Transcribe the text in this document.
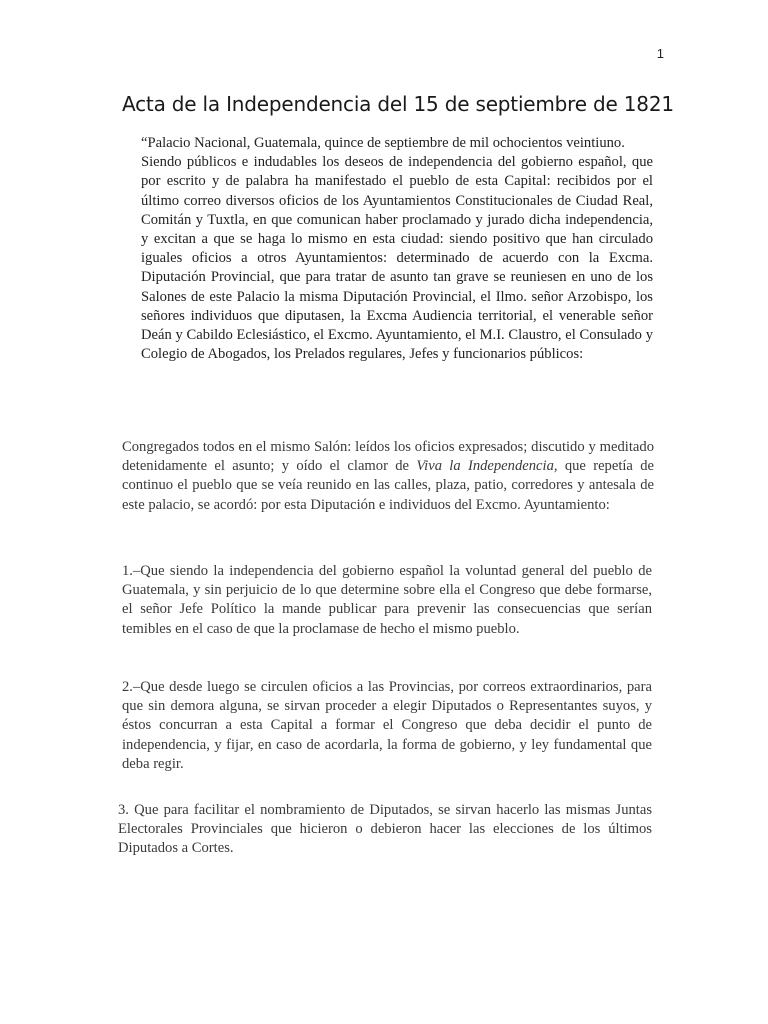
1
Acta de la Independencia del 15 de septiembre de 1821

“Palacio Nacional, Guatemala, quince de septiembre de mil ochocientos veintiuno.

Siendo públicos e indudables los deseos de independencia del gobierno español, que por escrito y de palabra ha manifestado el pueblo de esta Capital: recibidos por el último correo diversos oficios de los Ayuntamientos Constitucionales de Ciudad Real, Comitán y Tuxtla, en que comunican haber proclamado y jurado dicha independencia, y excitan a que se haga lo mismo en esta ciudad: siendo positivo que han circulado iguales oficios a otros Ayuntamientos: determinado de acuerdo con la Excma. Diputación Provincial, que para tratar de asunto tan grave se reuniesen en uno de los Salones de este Palacio la misma Diputación Provincial, el Ilmo. señor Arzobispo, los señores individuos que diputasen, la Excma Audiencia territorial, el venerable señor Deán y Cabildo Eclesiástico, el Excmo. Ayuntamiento, el M.I. Claustro, el Consulado y Colegio de Abogados, los Prelados regulares, Jefes y funcionarios públicos:

Congregados todos en el mismo Salón: leídos los oficios expresados; discutido y meditado detenidamente el asunto; y oído el clamor de Viva la Independencia, que repetía de continuo el pueblo que se veía reunido en las calles, plaza, patio, corredores y antesala de este palacio, se acordó: por esta Diputación e individuos del Excmo. Ayuntamiento:

1.–Que siendo la independencia del gobierno español la voluntad general del pueblo de Guatemala, y sin perjuicio de lo que determine sobre ella el Congreso que debe formarse, el señor Jefe Político la mande publicar para prevenir las consecuencias que serían temibles en el caso de que la proclamase de hecho el mismo pueblo.

2.–Que desde luego se circulen oficios a las Provincias, por correos extraordinarios, para que sin demora alguna, se sirvan proceder a elegir Diputados o Representantes suyos, y éstos concurran a esta Capital a formar el Congreso que deba decidir el punto de independencia, y fijar, en caso de acordarla, la forma de gobierno, y ley fundamental que deba regir.

3. Que para facilitar el nombramiento de Diputados, se sirvan hacerlo las mismas Juntas Electorales Provinciales que hicieron o debieron hacer las elecciones de los últimos Diputados a Cortes.
